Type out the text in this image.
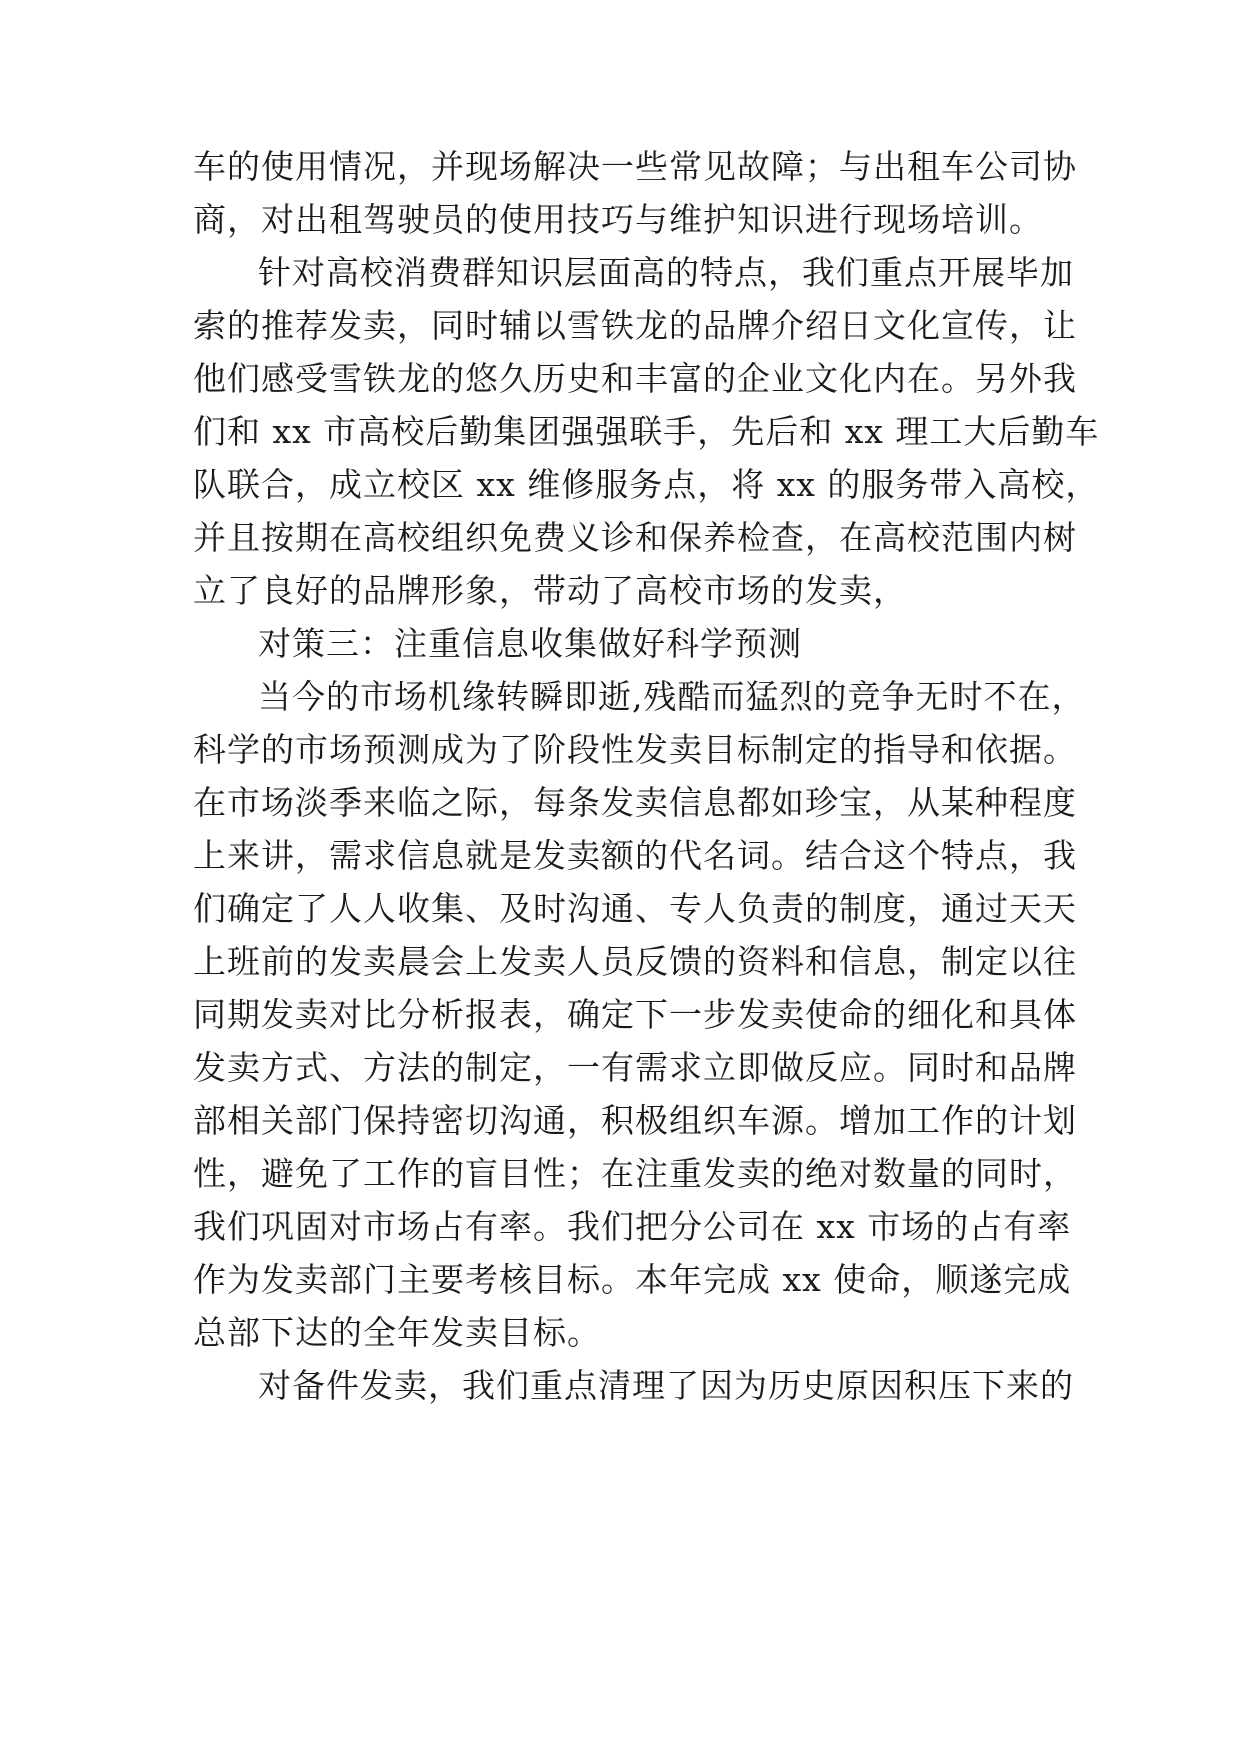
车的使用情况，并现场解决一些常见故障；与出租车公司协
商，对出租驾驶员的使用技巧与维护知识进行现场培训。
针对高校消费群知识层面高的特点，我们重点开展毕加
索的推荐发卖，同时辅以雪铁龙的品牌介绍日文化宣传，让
他们感受雪铁龙的悠久历史和丰富的企业文化内在。另外我
们和 xx 市高校后勤集团强强联手，先后和 xx 理工大后勤车
队联合，成立校区 xx 维修服务点，将 xx 的服务带入高校，
并且按期在高校组织免费义诊和保养检查，在高校范围内树
立了良好的品牌形象，带动了高校市场的发卖，
对策三：注重信息收集做好科学预测
当今的市场机缘转瞬即逝,残酷而猛烈的竞争无时不在，
科学的市场预测成为了阶段性发卖目标制定的指导和依据。
在市场淡季来临之际，每条发卖信息都如珍宝，从某种程度
上来讲，需求信息就是发卖额的代名词。结合这个特点，我
们确定了人人收集、及时沟通、专人负责的制度，通过天天
上班前的发卖晨会上发卖人员反馈的资料和信息，制定以往
同期发卖对比分析报表，确定下一步发卖使命的细化和具体
发卖方式、方法的制定，一有需求立即做反应。同时和品牌
部相关部门保持密切沟通，积极组织车源。增加工作的计划
性，避免了工作的盲目性；在注重发卖的绝对数量的同时，
我们巩固对市场占有率。我们把分公司在 xx 市场的占有率
作为发卖部门主要考核目标。本年完成 xx 使命，顺遂完成
总部下达的全年发卖目标。
对备件发卖，我们重点清理了因为历史原因积压下来的
